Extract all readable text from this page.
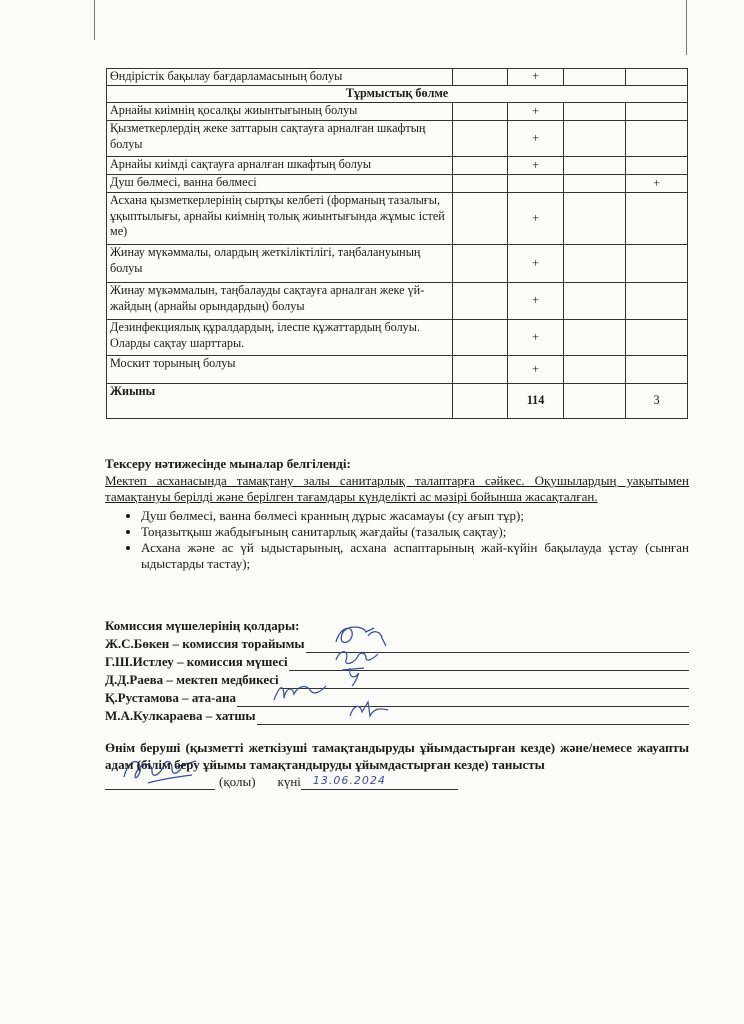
Өндірістік бақылау бағдарламасының болуы		+		
Тұрмыстық бөлме				
Арнайы киімнің қосалқы жиынтығының болуы		+		
Қызметкерлердің жеке заттарын сақтауға арналған шкафтың болуы		+		
Арнайы киімді сақтауға арналған шкафтың болуы		+		
Душ бөлмесі, ванна бөлмесі				+
Асхана қызметкерлерінің сыртқы келбеті (форманың тазалығы, ұқыптылығы, арнайы киімнің толық жиынтығында жұмыс істей ме)		+		
Жинау мүкәммалы, олардың жеткіліктілігі, таңбалануының болуы		+		
Жинау мүкәммалын, таңбалауды сақтауға арналған жеке үй-жайдың (арнайы орындардың) болуы		+		
Дезинфекциялық құралдардың, ілеспе құжаттардың болуы. Оларды сақтау шарттары.		+		
Москит торының болуы		+		
Жиыны		114		3

Тексеру нәтижесінде мыналар белгіленді:

Мектеп асханасында тамақтану залы санитарлық талаптарға сәйкес. Оқушылардың уақытымен тамақтануы берілді және берілген тағамдары күнделікті ас мәзірі бойынша жасақталған.

• Душ бөлмесі, ванна бөлмесі кранның дұрыс жасамауы (су ағып тұр);
• Тоңазытқыш жабдығының санитарлық жағдайы (тазалық сақтау);
• Асхана және ас үй ыдыстарының, асхана аспаптарының жай-күйін бақылауда ұстау (сынған ыдыстарды тастау);
Комиссия мүшелерінің қолдары:
Ж.С.Бөкен – комиссия торайымы
Г.Ш.Истлеу – комиссия мүшесі
Д.Д.Раева – мектеп медбикесі
Қ.Рустамова – ата-ана
М.А.Кулкараева – хатшы

Өнім беруші (қызметті жеткізуші тамақтандыруды ұйымдастырған кезде) және/немесе жауапты адам (білім беру ұйымы тамақтандыруды ұйымдастырған кезде) танысты

(қолы) күні 13.06.2024
